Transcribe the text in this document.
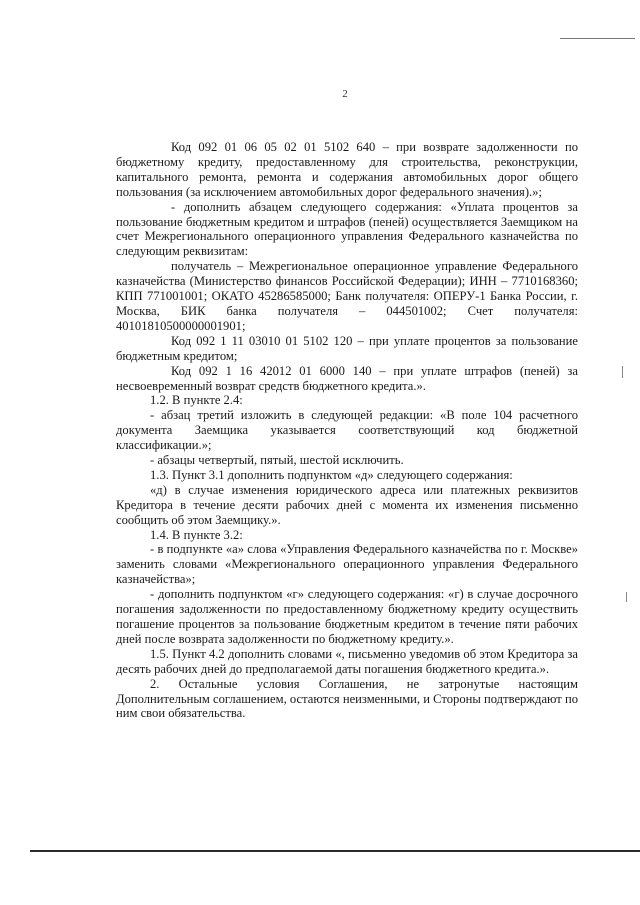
2

Код 092 01 06 05 02 01 5102 640 – при возврате задолженности по бюджетному кредиту, предоставленному для строительства, реконструкции, капитального ремонта, ремонта и содержания автомобильных дорог общего пользования (за исключением автомобильных дорог федерального значения).»;

- дополнить абзацем следующего содержания: «Уплата процентов за пользование бюджетным кредитом и штрафов (пеней) осуществляется Заемщиком на счет Межрегионального операционного управления Федерального казначейства по следующим реквизитам:

получатель – Межрегиональное операционное управление Федерального казначейства (Министерство финансов Российской Федерации); ИНН – 7710168360; КПП 771001001; ОКАТО 45286585000; Банк получателя: ОПЕРУ-1 Банка России, г. Москва, БИК банка получателя – 044501002; Счет получателя: 40101810500000001901;

Код 092 1 11 03010 01 5102 120 – при уплате процентов за пользование бюджетным кредитом;

Код 092 1 16 42012 01 6000 140 – при уплате штрафов (пеней) за несвоевременный возврат средств бюджетного кредита.».

1.2. В пункте 2.4:

- абзац третий изложить в следующей редакции: «В поле 104 расчетного документа Заемщика указывается соответствующий код бюджетной классификации.»;

- абзацы четвертый, пятый, шестой исключить.

1.3. Пункт 3.1 дополнить подпунктом «д» следующего содержания:

«д) в случае изменения юридического адреса или платежных реквизитов Кредитора в течение десяти рабочих дней с момента их изменения письменно сообщить об этом Заемщику.».

1.4. В пункте 3.2:

- в подпункте «а» слова «Управления Федерального казначейства по г. Москве» заменить словами «Межрегионального операционного управления Федерального казначейства»;

- дополнить подпунктом «г» следующего содержания: «г) в случае досрочного погашения задолженности по предоставленному бюджетному кредиту осуществить погашение процентов за пользование бюджетным кредитом в течение пяти рабочих дней после возврата задолженности по бюджетному кредиту.».

1.5. Пункт 4.2 дополнить словами «, письменно уведомив об этом Кредитора за десять рабочих дней до предполагаемой даты погашения бюджетного кредита.».

2. Остальные условия Соглашения, не затронутые настоящим Дополнительным соглашением, остаются неизменными, и Стороны подтверждают по ним свои обязательства.
